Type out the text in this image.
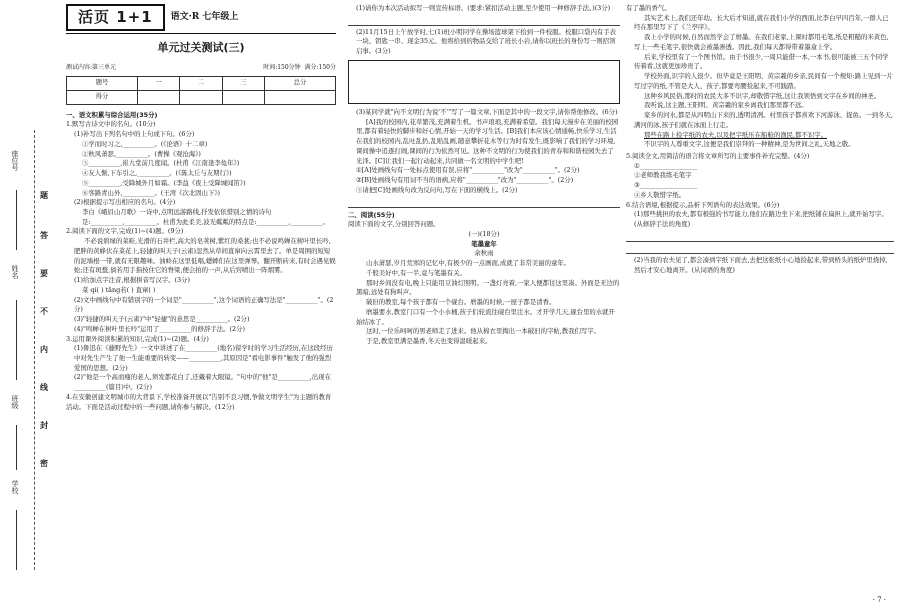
座位号
姓名
班级
学校
题
答
要
不
内
线
封
密
活页 1+1	语文·R 七年级上
单元过关测试(三)
测试内容:第三单元	时间:150分钟 满分:150分
题号	一	二	三	总分
得分				

一、语文积累与综合运用(35分)

1.默写古诗文中的名句。(10分)

(1)补写出下列名句中的上句或下句。(6分)

①学而时习之,__________。(《论语》十二章)

②秋风萧瑟,__________。(曹操《观沧海》)

③__________,崔九堂前几度闻。(杜甫《江南逢李龟年》)

④友人惭,下车引之,__________。(《陈太丘与友期行》)

⑤__________,受降城外月如霜。(李益《夜上受降城闻笛》)

⑥客路青山外,__________。(王湾《次北固山下》)

(2)根据提示写出相应的名句。(4分)

李白《峨眉山月歌》一诗中,点明远游路线,抒发依依惜别之情的诗句是:__________,__________。杜甫为此柔美,波光粼粼的特点是:__________,__________。

2.阅读下面的文字,完成(1)~(4)题。(9分)

不必说碧绿的菜畦,光滑的石井栏,高大的皂荚树,紫红的桑葚;也不必说鸣蝉在树叶里长吟,肥胖的黄蜂伏在菜花上,轻捷的叫天子(云雀)忽然从草间直窜向云霄里去了。单是周围的短短的泥墙根一带,就有无限趣味。油蛉在这里低唱,蟋蟀们在这里弹琴。翻开断砖来,有时会遇见蜈蚣;还有斑蝥,倘若用手指按住它的脊梁,便会拍的一声,从后窍喷出一阵烟雾。

(1)给加点字注音,根据拼音写汉字。(3分)

菜 qí( ) tǎng若( ) 直窜( )

(2)文中画线句中有错别字的一个词是"__________",这个词语的正确写法是"__________"。(2分)

(3)"轻捷的叫天子(云雀)"中"轻捷"的意思是__________。(2分)

(4)"鸣蝉在树叶里长吟"运用了__________的修辞手法。(2分)

3.运用课外阅读积累的知识,完成(1)~(2)题。(4分)

(1)鲁迅在《藤野先生》一文中讲述了在__________(地名)留学时的学习生活经历,在这段经历中对先生产生了他一生能重要的转变——__________,其原因是"看电影事件"触发了他的强烈爱国的思想。(2分)

(2)"他是一个高而瘦的老人,须发都花白了,还戴着大眼镜。"句中的"他"是__________,出现在__________(篇目)中。(2分)

4.在安徽创建文明城市的大背景下,学校准备开展以"告别不良习惯,争做文明学生"为主题的教育活动。下面是活动过程中的一些问题,请你参与解决。(12分)

(1)请你为本次活动拟写一则宣传标语。(要求:紧扣活动主题,至少使用一种修辞手法。)(3分)

(2)11月15日上午放学时,七(1)班小明同学在操场篮球架下拾到一件校服。校服口袋内有手表一块、钥匙一串、现金35元。他将拾到的物品交给了班长小岩,请你以班长的身份写一则招领启事。(3分)

(3)某同学就"向不文明行为说'不'"写了一篇文章,下面是其中的一段文字,请你帮他修改。(6分)

[A]我的校园内,花草繁茂,充满着生机。书声琅琅,充满着希望。我们每天漫步在美丽的校园里,都有着轻快的脚步和好心情,开始一天的学习生活。[B]我们本应该心情通畅,快乐学习,生活在我们的校园内,乱吐乱扔,乱贴乱画,随意攀折花木等行为时有发生,既影响了我们的学习环境,课间操中追逐打闹,课间的行为依然可见。这种不文明的行为使我们的青春和和谐校园失去了光泽。[C]让我们一起行动起来,共同做一名文明的中学生吧!

①[A]处画线句有一处标点使用有误,应将"__________"改为"__________"。(2分)

②[B]处画线句有用词不当的语病,应将"__________"改为"__________"。(2分)

③请把[C]处画线句改为反问句,写在下面的横线上。(2分)

二、阅读(55分)

阅读下面的文字,分别回答问题。

(一)(18分)

笔墨童年

余秋雨

山水萧瑟,岁月荒寒的记忆中,有极少的一点画面,成就了非常美丽的童年。

千般美好中,有一半,竟与笔墨有关。

那时乡间没有电,晚上只能用豆油灯照明。一盏灯亮着,一家人便都往这里凑。外面是无边的黑暗,远处有狗叫声。

破旧的教室,每个孩子都有一个砚台。磨墨的时候,一屋子都是清香。

磨墨要水,教室门口有一个小水桶,孩子们轮流往砚台里注水。才开学几天,砚台里的水就开始结冰了。

这时,一位乐呵呵的男老师走了进来。他从棉衣里掏出一本破旧的字帖,教我们写字。

于是,教室里满是墨香,冬天也变得温暖起来。

有了墨的香气。

其实艺术上,我们还年幼。长大后才知道,就在我们小学的西面,比李白早四百年,一群人已经在那里写下了《兰亭序》。

我上小学的时候,自然而然学会了磨墨。在我们老家,上课时都用毛笔,纸是粗糙的米黄色,写上一些毛笔字,很快就会被墨渗透。因此,我们每天都得带着墨盒上学。

后来,学校里有了一个图书馆。由于书很少,一周只能借一本,一本书,很可能被三五个同学传着看,这就更加珍贵了。

学校外面,识字的人很少。但毕竟是王阳明、黄宗羲的乡亲,民间有一个规矩:路上见到一片写过字的纸,不管是大人、孩子,都要弯腰捡起来,不可践踏。

这种乡风民俗,那时的农民大多不识字,却敬惜字纸,这让我领悟到文字在乡间的神圣。

我听说,这主题,王阳明、黄宗羲的家乡离我们那里都不远。

家乡的河水,都是从四明山下来的,透明清冽。村里孩子都喜欢下河游泳、捉鱼。一到冬天,满河的冰,孩子们就在冰面上行走。

那些在路上捡字纸的农夫,以及把字纸压在船舱的渔民,都不识字。

不识字的人尊重文字,这便是我们崇拜的一种精神,是为世间之礼,天地之敬。

5.阅读全文,用简洁的语言将文章所写的主要事件补充完整。(4分)

①__________________

②老师教我练毛笔字

③__________________

④乡人敬惜字纸。

6.结合语境,根据提示,品析下列语句的表达效果。(6分)

(1)那些挑担的农夫,都有极强的书写能力,他们在路边坐下来,把纸铺在扁担上,就开始写字。(从修辞手法的角度)

(2)当我的农夫见了,都会凑到字纸下面去,去把这张纸小心地捡起来,带到桥头的纸炉里烧掉,然后才安心地离开。(从词语的角度)

· 7 ·
